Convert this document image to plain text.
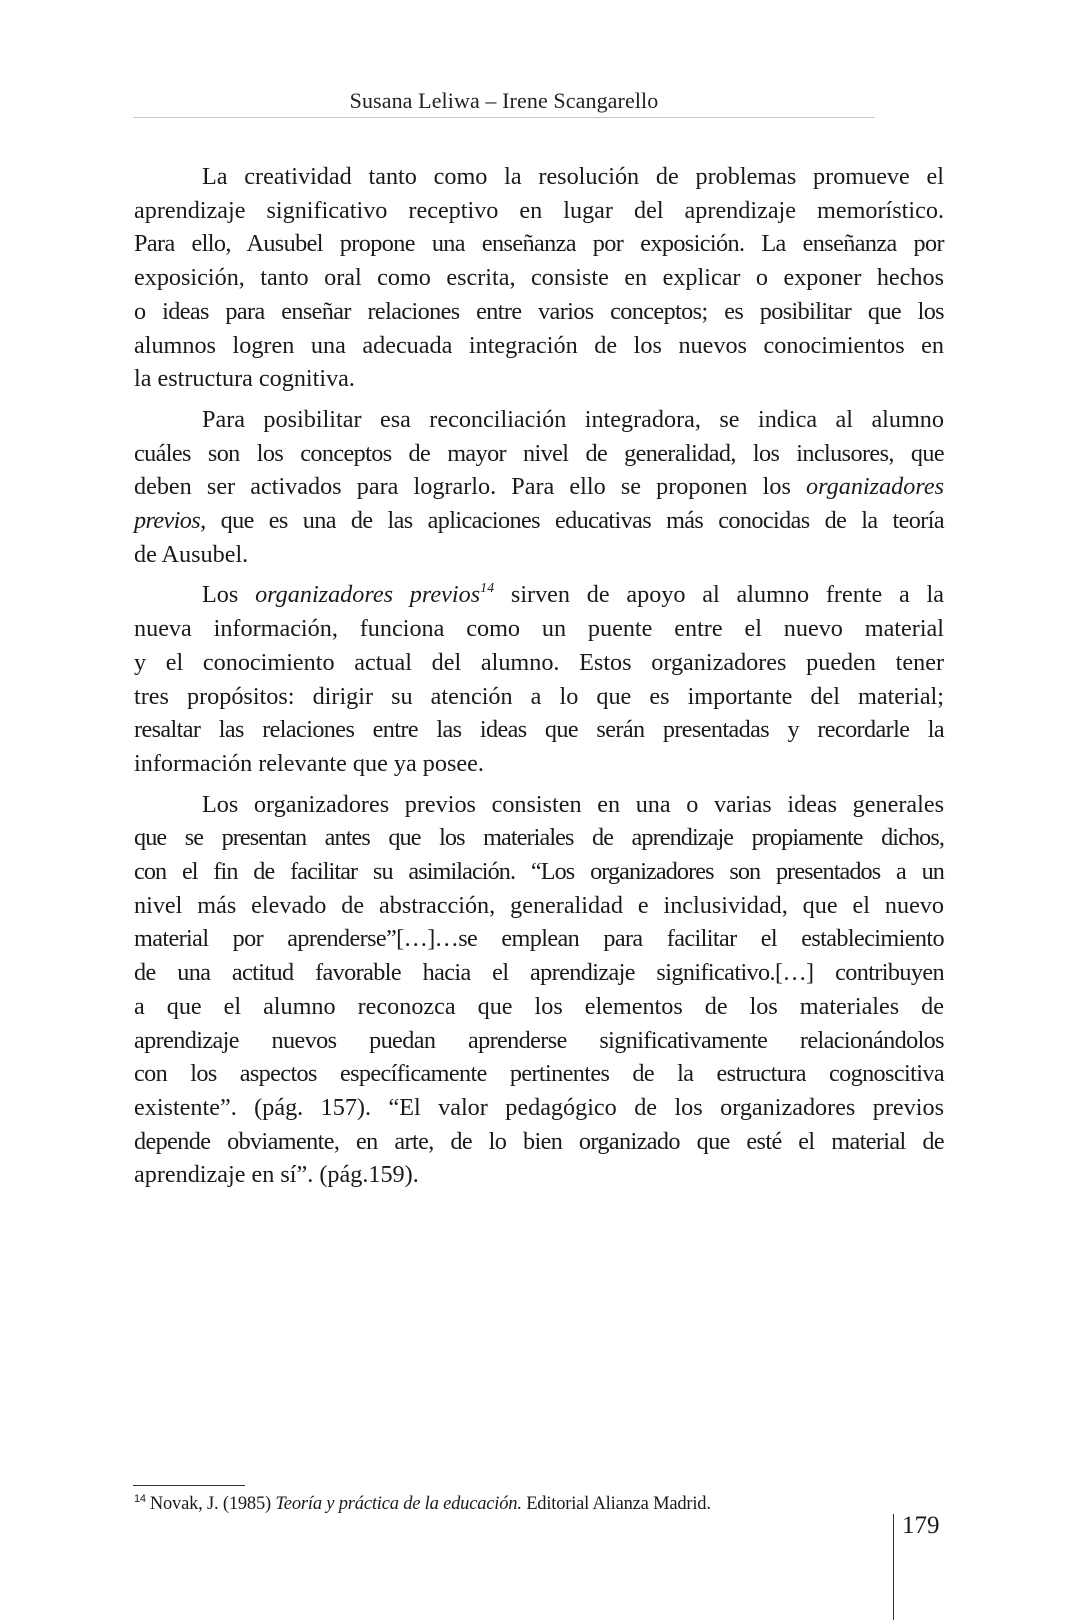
Susana Leliwa – Irene Scangarello

La creatividad tanto como la resolución de problemas promueve el
aprendizaje significativo receptivo en lugar del aprendizaje memorístico.
Para ello, Ausubel propone una enseñanza por exposición. La enseñanza por
exposición, tanto oral como escrita, consiste en explicar o exponer hechos
o ideas para enseñar relaciones entre varios conceptos; es posibilitar que los
alumnos logren una adecuada integración de los nuevos conocimientos en
la estructura cognitiva.

Para posibilitar esa reconciliación integradora, se indica al alumno
cuáles son los conceptos de mayor nivel de generalidad, los inclusores, que
deben ser activados para lograrlo. Para ello se proponen los organizadores
previos, que es una de las aplicaciones educativas más conocidas de la teoría
de Ausubel.

Los organizadores previos$^{14}$ sirven de apoyo al alumno frente a la
nueva información, funciona como un puente entre el nuevo material
y el conocimiento actual del alumno. Estos organizadores pueden tener
tres propósitos: dirigir su atención a lo que es importante del material;
resaltar las relaciones entre las ideas que serán presentadas y recordarle la
información relevante que ya posee.

Los organizadores previos consisten en una o varias ideas generales
que se presentan antes que los materiales de aprendizaje propiamente dichos,
con el fin de facilitar su asimilación. “Los organizadores son presentados a un
nivel más elevado de abstracción, generalidad e inclusividad, que el nuevo
material por aprenderse”[…]…se emplean para facilitar el establecimiento
de una actitud favorable hacia el aprendizaje significativo.[…] contribuyen
a que el alumno reconozca que los elementos de los materiales de
aprendizaje nuevos puedan aprenderse significativamente relacionándolos
con los aspectos específicamente pertinentes de la estructura cognoscitiva
existente”. (pág. 157). “El valor pedagógico de los organizadores previos
depende obviamente, en arte, de lo bien organizado que esté el material de
aprendizaje en sí”. (pág.159).

$^{14}$ Novak, J. (1985) Teoría y práctica de la educación. Editorial Alianza Madrid.
179
